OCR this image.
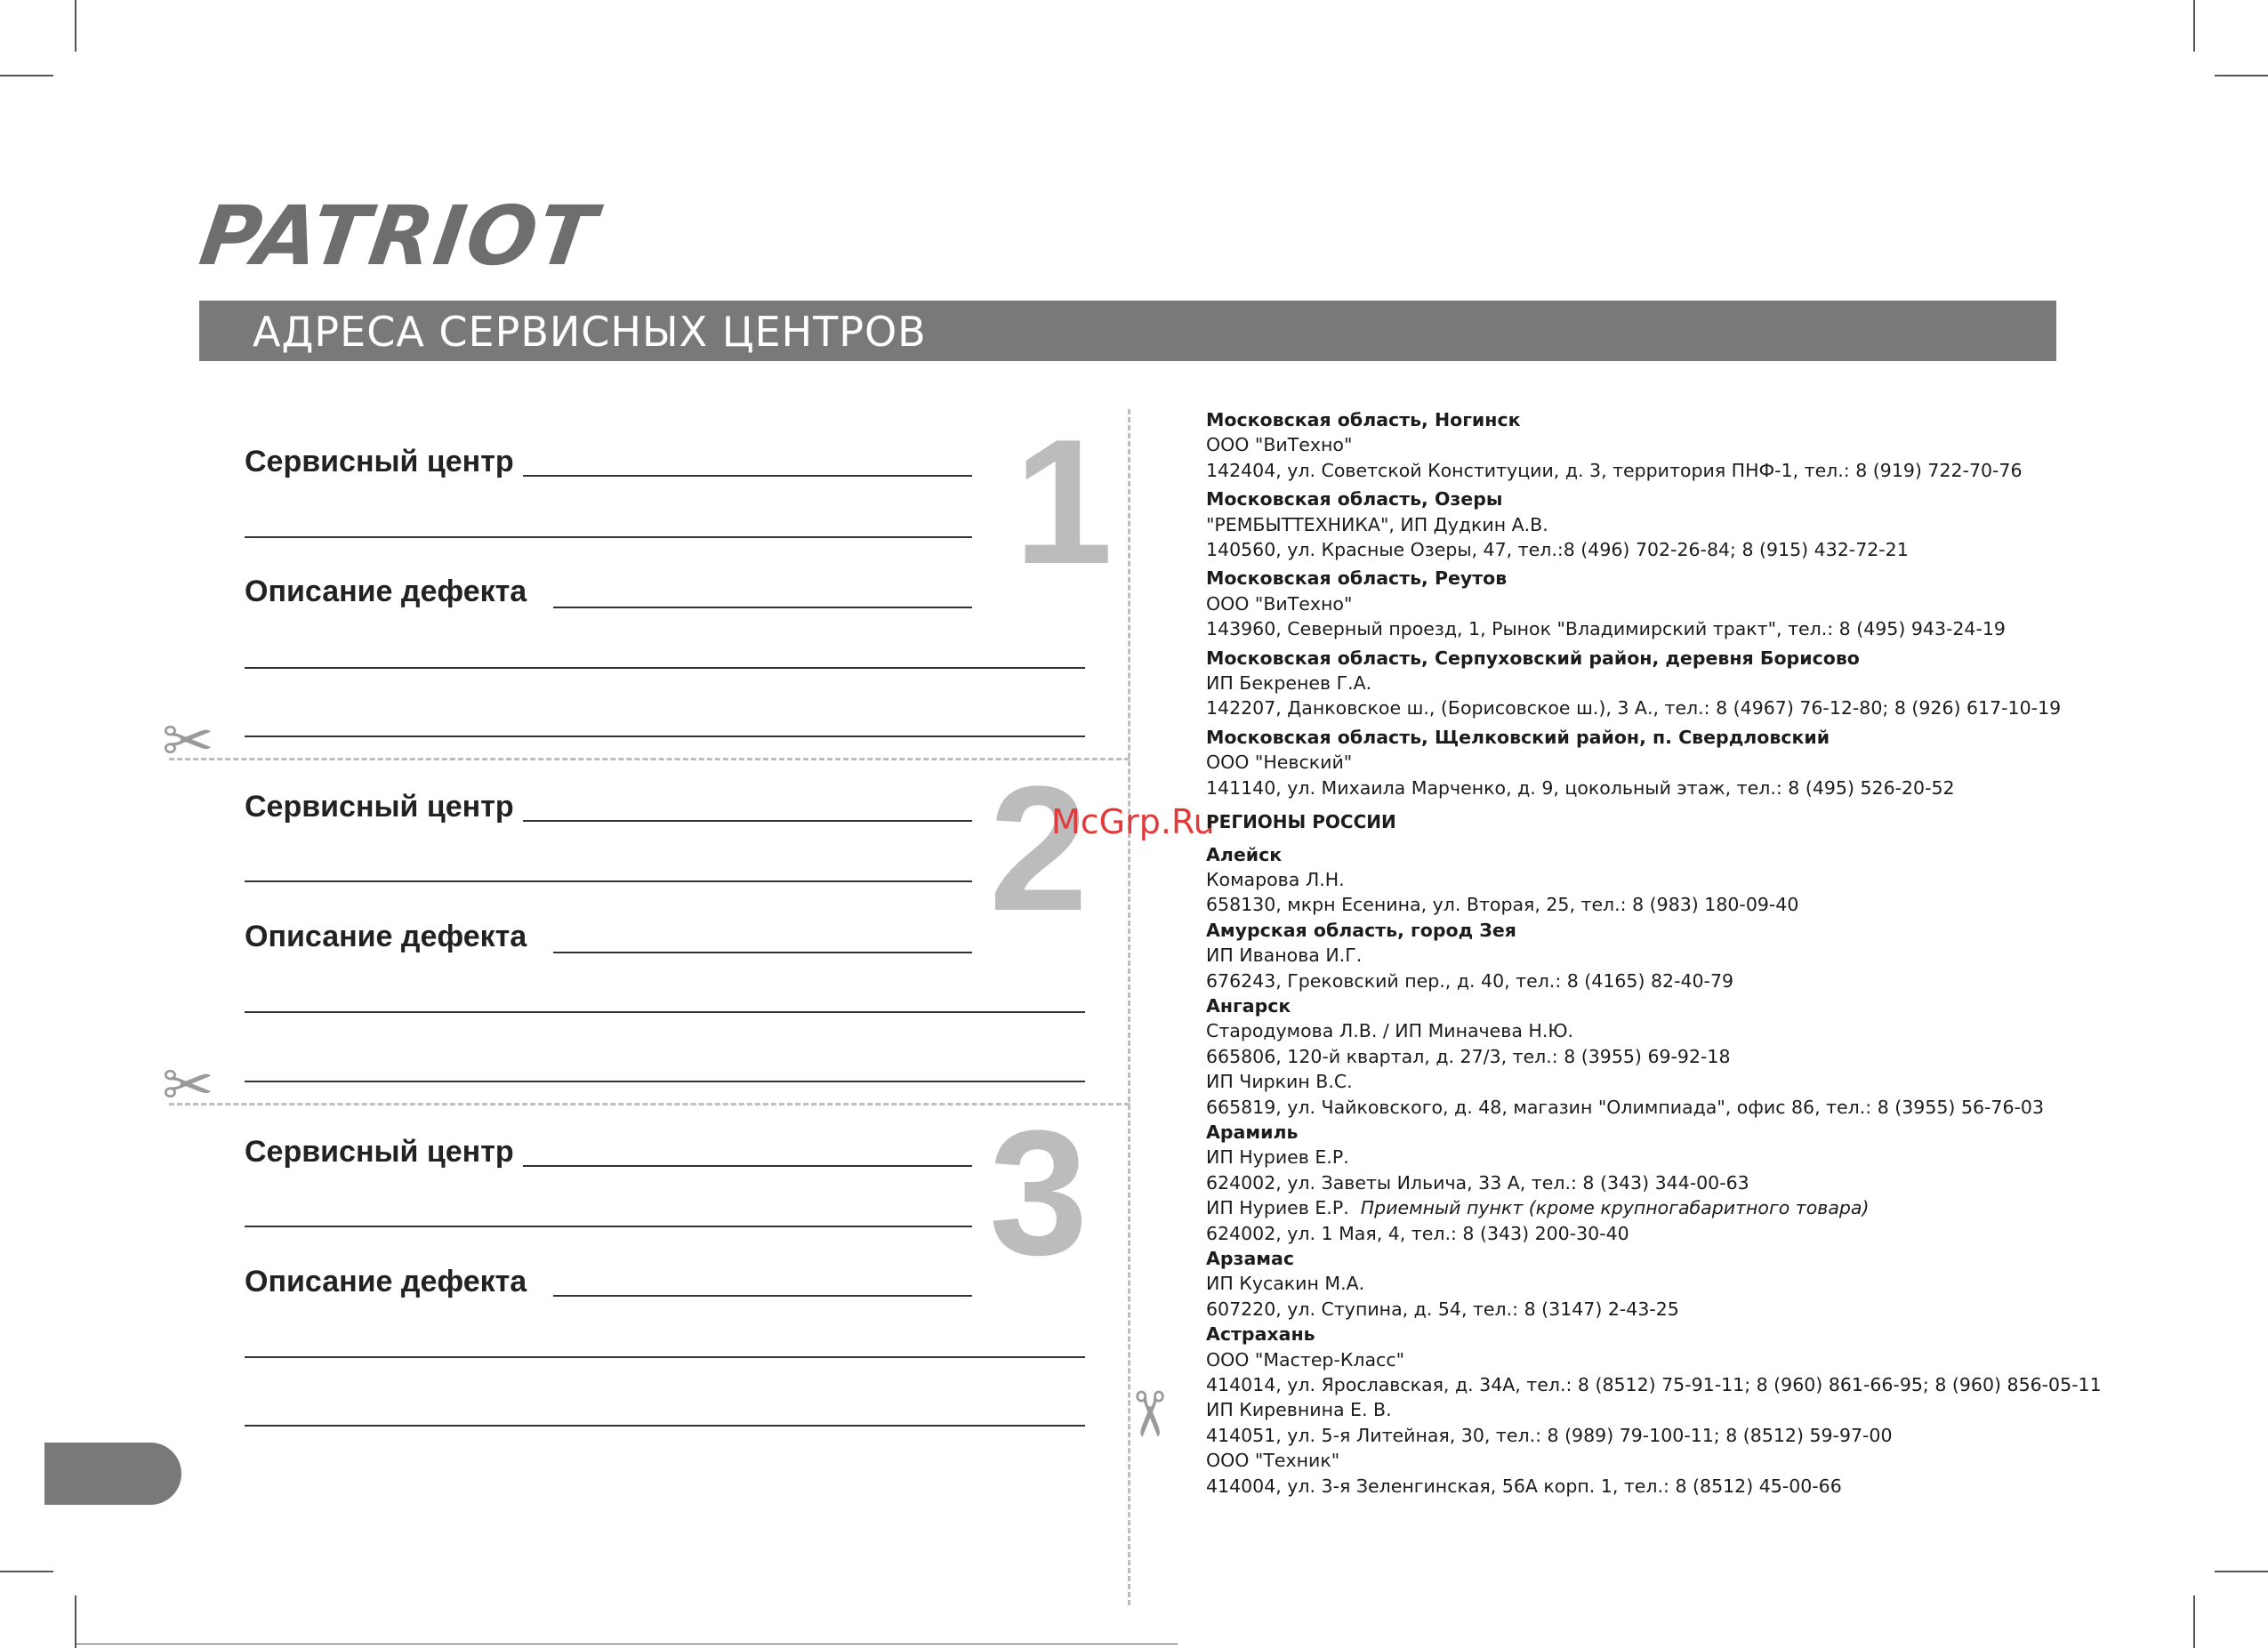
PATRIOT
АДРЕСА СЕРВИСНЫХ ЦЕНТРОВ
1
2
3
Сервисный центр
Описание дефекта
✂
Сервисный центр
Описание дефекта
✂
Сервисный центр
Описание дефекта
✂
McGrp.Ru
Московская область, Ногинск
ООО "ВиТехно"
142404, ул. Советской Конституции, д. 3, территория ПНФ-1, тел.: 8 (919) 722-70-76
Московская область, Озеры
"РЕМБЫТТЕХНИКА", ИП Дудкин А.В.
140560, ул. Красные Озеры, 47, тел.:8 (496) 702-26-84; 8 (915) 432-72-21
Московская область, Реутов
ООО "ВиТехно"
143960, Северный проезд, 1, Рынок "Владимирский тракт", тел.: 8 (495) 943-24-19
Московская область, Серпуховский район, деревня Борисово
ИП Бекренев Г.А.
142207, Данковское ш., (Борисовское ш.), 3 А., тел.: 8 (4967) 76-12-80; 8 (926) 617-10-19
Московская область, Щелковский район, п. Свердловский
ООО "Невский"
141140, ул. Михаила Марченко, д. 9, цокольный этаж, тел.: 8 (495) 526-20-52
РЕГИОНЫ РОССИИ
Алейск
Комарова Л.Н.
658130, мкрн Есенина, ул. Вторая, 25, тел.: 8 (983) 180-09-40
Амурская область, город Зея
ИП Иванова И.Г.
676243, Грековский пер., д. 40, тел.: 8 (4165) 82-40-79
Ангарск
Стародумова Л.В. / ИП Миначева Н.Ю.
665806, 120-й квартал, д. 27/3, тел.: 8 (3955) 69-92-18
ИП Чиркин В.С.
665819, ул. Чайковского, д. 48, магазин "Олимпиада", офис 86, тел.: 8 (3955) 56-76-03
Арамиль
ИП Нуриев Е.Р.
624002, ул. Заветы Ильича, 33 А, тел.: 8 (343) 344-00-63
ИП Нуриев Е.Р. Приемный пункт (кроме крупногабаритного товара)
624002, ул. 1 Мая, 4, тел.: 8 (343) 200-30-40
Арзамас
ИП Кусакин М.А.
607220, ул. Ступина, д. 54, тел.: 8 (3147) 2-43-25
Астрахань
ООО "Мастер-Класс"
414014, ул. Ярославская, д. 34А, тел.: 8 (8512) 75-91-11; 8 (960) 861-66-95; 8 (960) 856-05-11
ИП Киревнина Е. В.
414051, ул. 5-я Литейная, 30, тел.: 8 (989) 79-100-11; 8 (8512) 59-97-00
ООО "Техник"
414004, ул. 3-я Зеленгинская, 56А корп. 1, тел.: 8 (8512) 45-00-66
